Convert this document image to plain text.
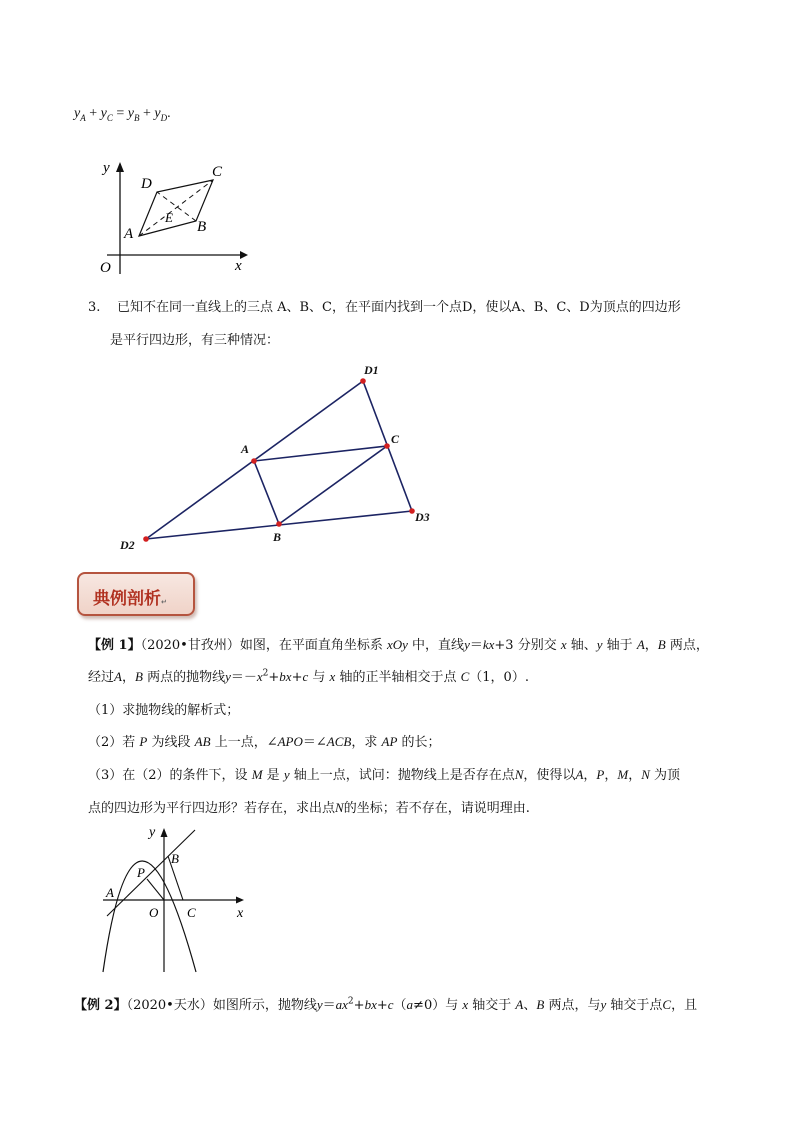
$y_A + y_C = y_B + y_D$.
y
x
O
A	B
C
D
E
3. 已知不在同一直线上的三点 A、B、C，在平面内找到一个点D，使以A、B、C、D为顶点的四边形
是平行四边形，有三种情况：
D1
D2
D3
A
B
C
典例剖析↵
【例 1】（2020•甘孜州）如图，在平面直角坐标系 xOy 中，直线y＝kx+3 分别交 x 轴、y 轴于 A，B 两点，
经过A，B 两点的抛物线$y=-x^2+bx+c$ 与 x 轴的正半轴相交于点 C（1，0）.
（1）求抛物线的解析式；
（2）若 P 为线段 AB 上一点，∠APO＝∠ACB，求 AP 的长；
（3）在（2）的条件下，设 M 是 y 轴上一点，试问：抛物线上是否存在点N，使得以A，P，M，N 为顶
点的四边形为平行四边形？若存在，求出点N的坐标；若不存在，请说明理由.
y
x
O
A
B
C
P
【例 2】（2020•天水）如图所示，抛物线$y=ax^2+bx+c(a\ne 0)$与 x 轴交于 A、B 两点，与y 轴交于点C，且
